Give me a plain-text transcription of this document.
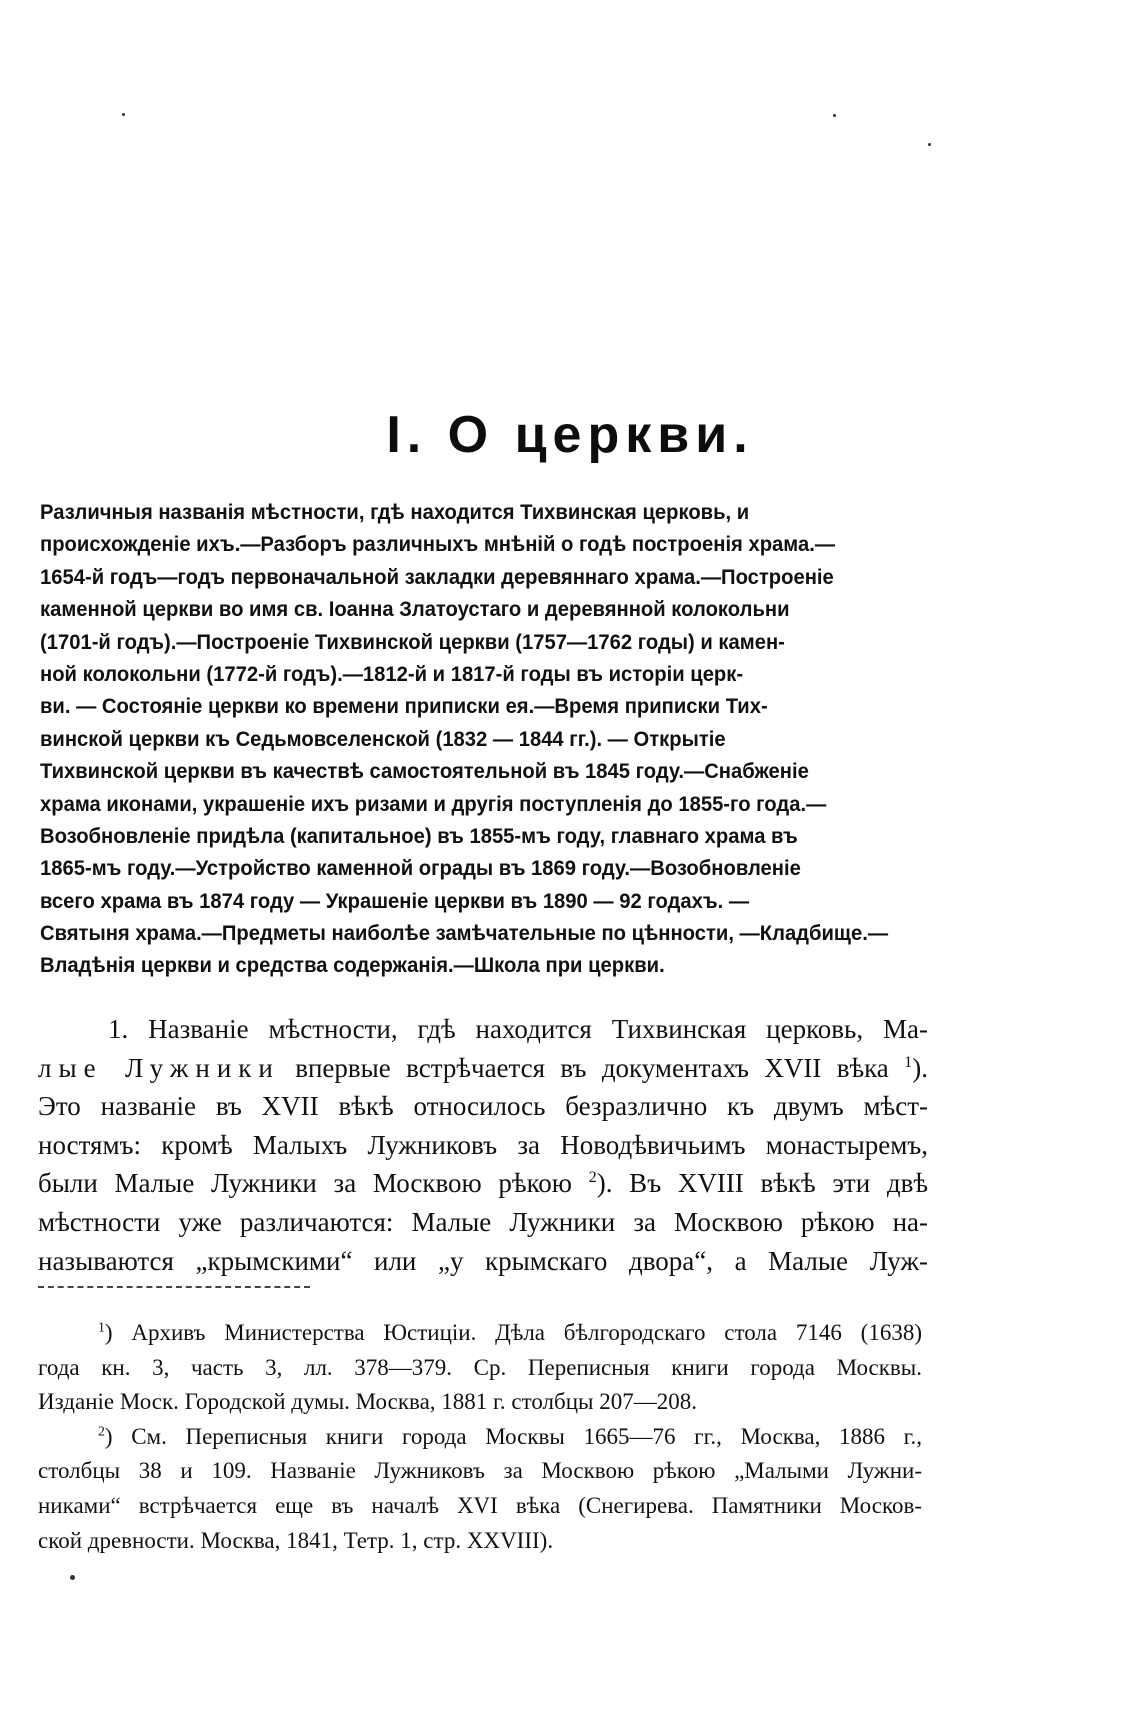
I. О церкви.
Различныя названія мѣстности, гдѣ находится Тихвинская церковь, и
происхожденіе ихъ.—Разборъ различныхъ мнѣній о годѣ построенія храма.—
1654-й годъ—годъ первоначальной закладки деревяннаго храма.—Построеніе
каменной церкви во имя св. Іоанна Златоустаго и деревянной колокольни
(1701-й годъ).—Построеніе Тихвинской церкви (1757—1762 годы) и камен-
ной колокольни (1772-й годъ).—1812-й и 1817-й годы въ исторіи церк-
ви. — Состояніе церкви ко времени приписки ея.—Время приписки Тих-
винской церкви къ Седьмовселенской (1832 — 1844 гг.). — Открытіе
Тихвинской церкви въ качествѣ самостоятельной въ 1845 году.—Снабженіе
храма иконами, украшеніе ихъ ризами и другія поступленія до 1855-го года.—
Возобновленіе придѣла (капитальное) въ 1855-мъ году, главнаго храма въ
1865-мъ году.—Устройство каменной ограды въ 1869 году.—Возобновленіе
всего храма въ 1874 году — Украшеніе церкви въ 1890 — 92 годахъ. —
Святыня храма.—Предметы наиболѣе замѣчательные по цѣнности, —Кладбище.—
Владѣнія церкви и средства содержанія.—Школа при церкви.
1. Названіе мѣстности, гдѣ находится Тихвинская церковь, Ма-
лые Лужники впервые встрѣчается въ документахъ XVII вѣка $^1$).
Это названіе въ XVII вѣкѣ относилось безразлично къ двумъ мѣст-
ностямъ: кромѣ Малыхъ Лужниковъ за Новодѣвичьимъ монастыремъ,
были Малые Лужники за Москвою рѣкою $^2$). Въ XVIII вѣкѣ эти двѣ
мѣстности уже различаются: Малые Лужники за Москвою рѣкою на-
называются „крымскими“ или „у крымскаго двора“, а Малые Луж-
$^1$) Архивъ Министерства Юстиціи. Дѣла бѣлгородскаго стола 7146 (1638)
года кн. 3, часть 3, лл. 378—379. Ср. Переписныя книги города Москвы.
Изданіе Моск. Городской думы. Москва, 1881 г. столбцы 207—208.
$^2$) См. Переписныя книги города Москвы 1665—76 гг., Москва, 1886 г.,
столбцы 38 и 109. Названіе Лужниковъ за Москвою рѣкою „Малыми Лужни-
никами“ встрѣчается еще въ началѣ XVI вѣка (Снегирева. Памятники Москов-
ской древности. Москва, 1841, Тетр. 1, стр. XXVIII).
